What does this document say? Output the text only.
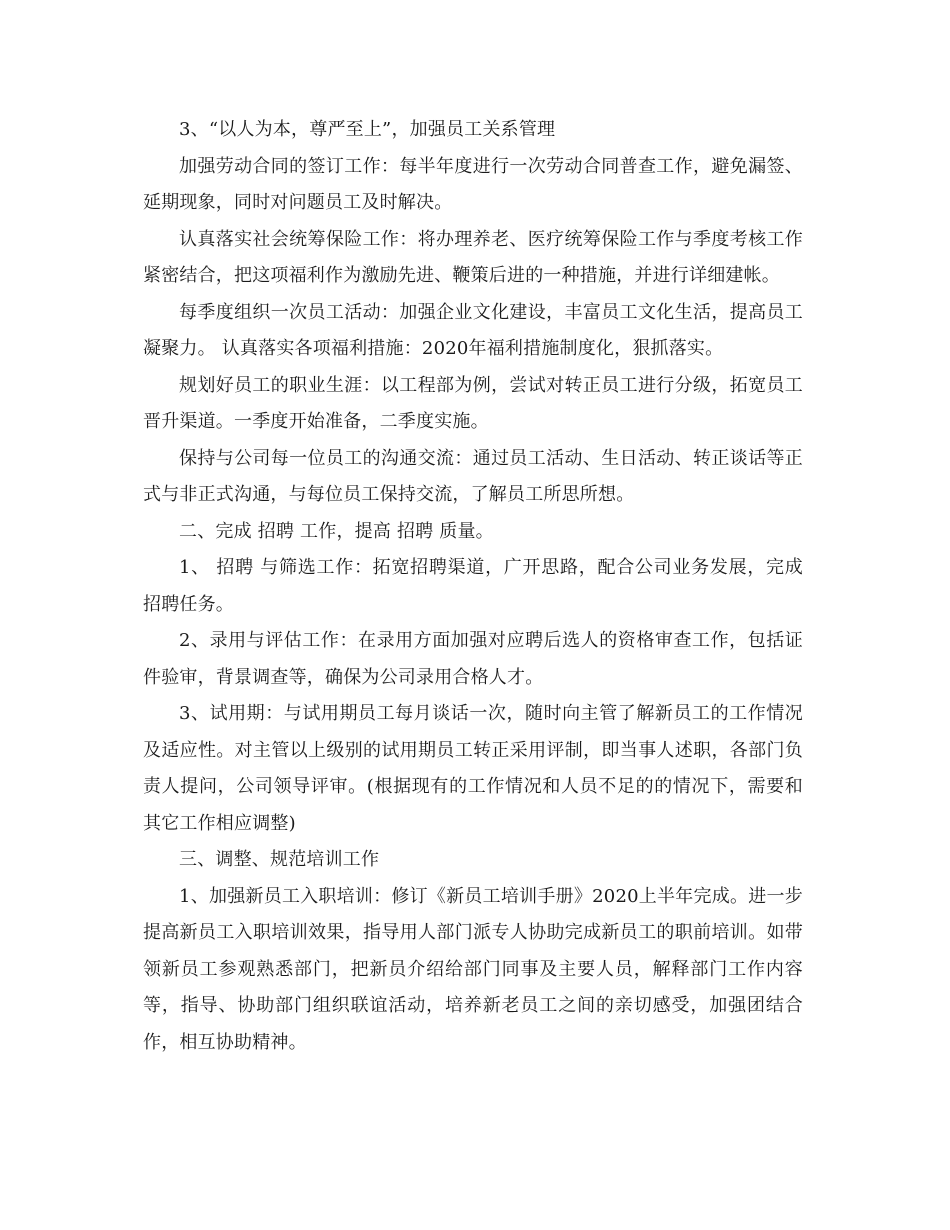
3、“以人为本，尊严至上”，加强员工关系管理

加强劳动合同的签订工作：每半年度进行一次劳动合同普查工作，避免漏签、延期现象，同时对问题员工及时解决。

认真落实社会统筹保险工作：将办理养老、医疗统筹保险工作与季度考核工作紧密结合，把这项福利作为激励先进、鞭策后进的一种措施，并进行详细建帐。

每季度组织一次员工活动：加强企业文化建设，丰富员工文化生活，提高员工凝聚力。 认真落实各项福利措施：2020年福利措施制度化，狠抓落实。

规划好员工的职业生涯：以工程部为例，尝试对转正员工进行分级，拓宽员工晋升渠道。一季度开始准备，二季度实施。

保持与公司每一位员工的沟通交流：通过员工活动、生日活动、转正谈话等正式与非正式沟通，与每位员工保持交流，了解员工所思所想。

二、完成 招聘 工作，提高 招聘 质量。

1、 招聘 与筛选工作：拓宽招聘渠道，广开思路，配合公司业务发展，完成招聘任务。

2、录用与评估工作：在录用方面加强对应聘后选人的资格审查工作，包括证件验审，背景调查等，确保为公司录用合格人才。

3、试用期：与试用期员工每月谈话一次，随时向主管了解新员工的工作情况及适应性。对主管以上级别的试用期员工转正采用评制，即当事人述职，各部门负责人提问，公司领导评审。(根据现有的工作情况和人员不足的的情况下，需要和其它工作相应调整)

三、调整、规范培训工作

1、加强新员工入职培训：修订《新员工培训手册》2020上半年完成。进一步提高新员工入职培训效果，指导用人部门派专人协助完成新员工的职前培训。如带领新员工参观熟悉部门，把新员介绍给部门同事及主要人员，解释部门工作内容等，指导、协助部门组织联谊活动，培养新老员工之间的亲切感受，加强团结合作，相互协助精神。
